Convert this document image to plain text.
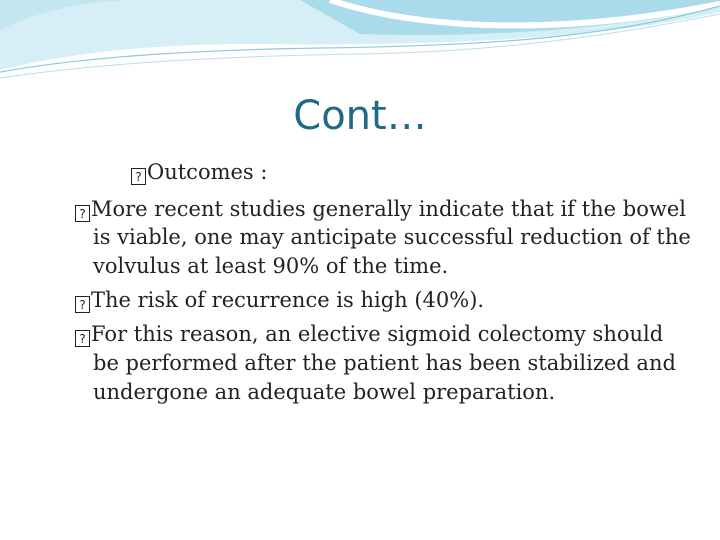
Cont…
? Outcomes :
? More recent studies generally indicate that if the bowel
is viable, one may anticipate successful reduction of the
volvulus at least 90% of the time.
? The risk of recurrence is high (40%).
? For this reason, an elective sigmoid colectomy should
be performed after the patient has been stabilized and
undergone an adequate bowel preparation.
